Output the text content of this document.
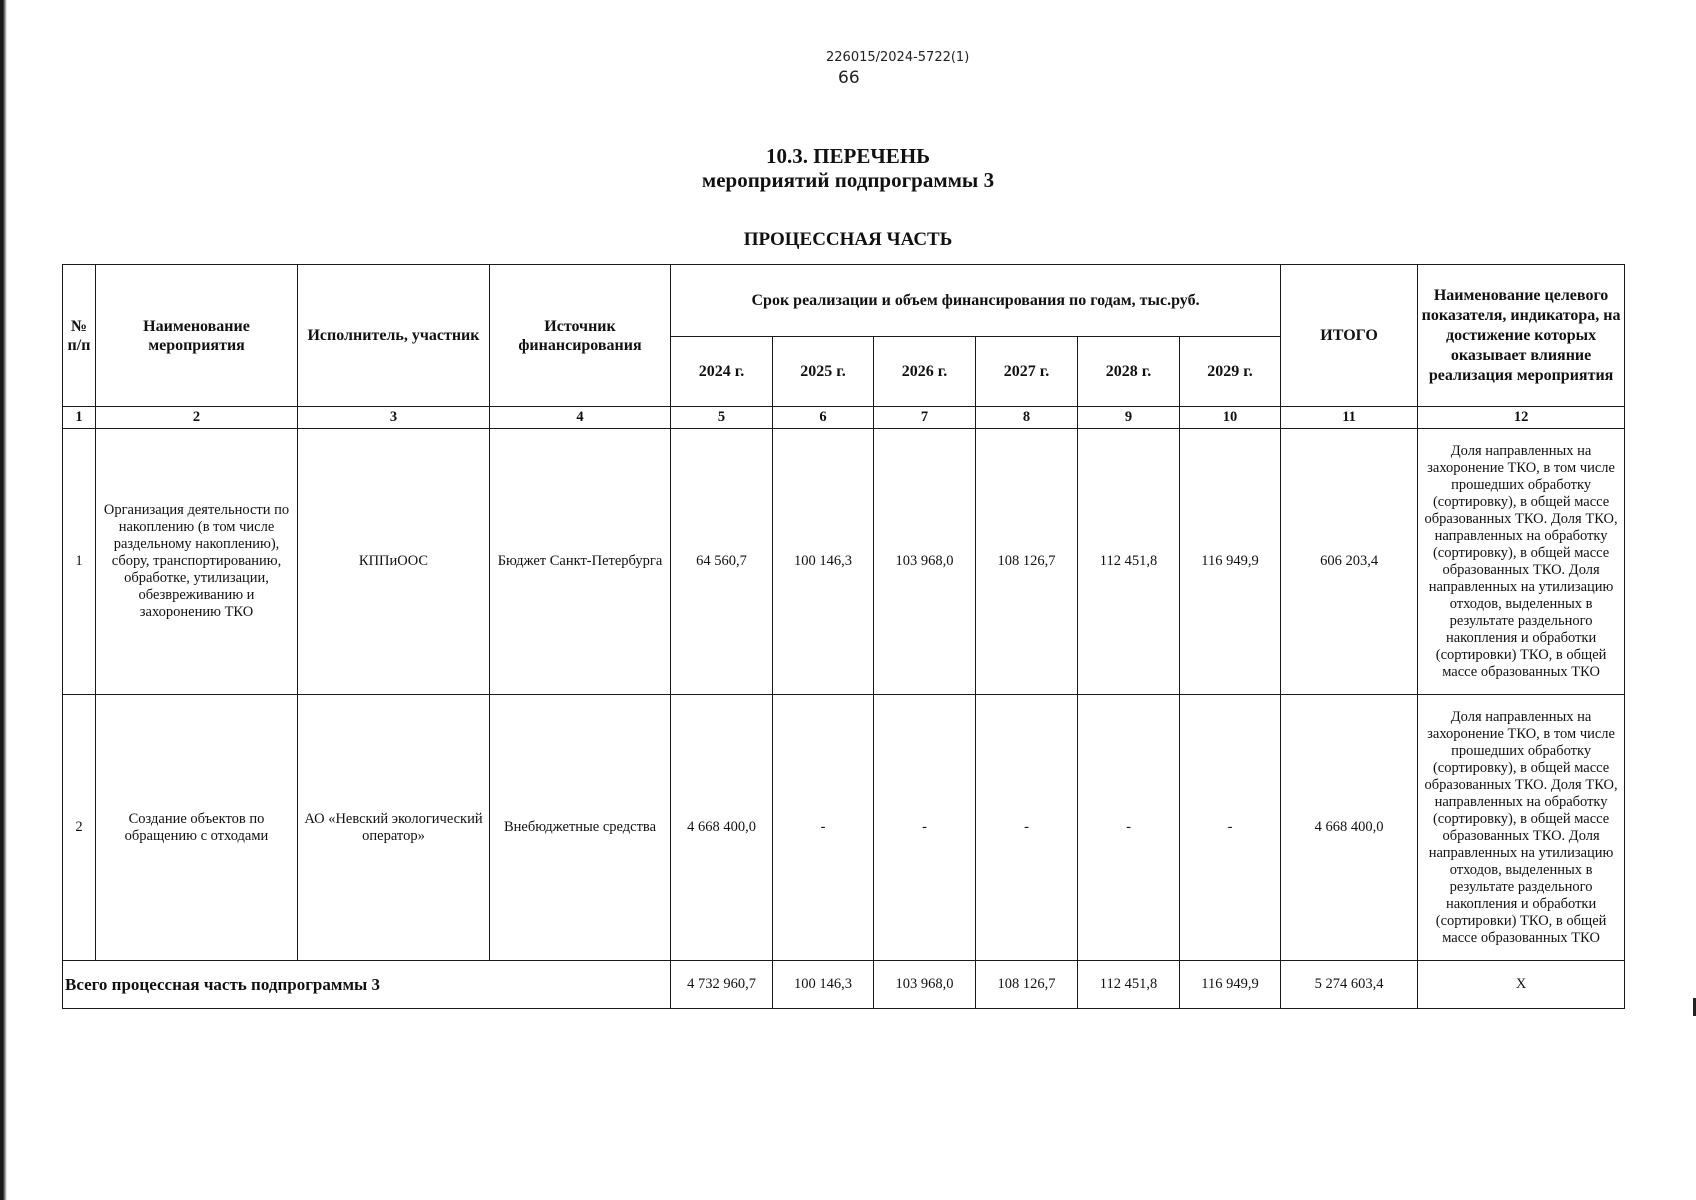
226015/2024-5722(1)
66
10.3. ПЕРЕЧЕНЬ
мероприятий подпрограммы 3
ПРОЦЕССНАЯ ЧАСТЬ
№ п/п	Наименование мероприятия	Исполнитель, участник	Источник финансирования	Срок реализации и объем финансирования по годам, тыс.руб.						ИТОГО	Наименование целевого показателя, индикатора, на достижение которых оказывает влияние реализация мероприятия
				2024 г.	2025 г.	2026 г.	2027 г.	2028 г.	2029 г.		
1	2	3	4	5	6	7	8	9	10	11	12
1	Организация деятельности по накоплению (в том числе раздельному накоплению), сбору, транспортированию, обработке, утилизации, обезвреживанию и захоронению ТКО	КППиООС	Бюджет Санкт-Петербурга	64 560,7	100 146,3	103 968,0	108 126,7	112 451,8	116 949,9	606 203,4	Доля направленных на захоронение ТКО, в том числе прошедших обработку (сортировку), в общей массе образованных ТКО. Доля ТКО, направленных на обработку (сортировку), в общей массе образованных ТКО. Доля направленных на утилизацию отходов, выделенных в результате раздельного накопления и обработки (сортировки) ТКО, в общей массе образованных ТКО
2	Создание объектов по обращению с отходами	АО «Невский экологический оператор»	Внебюджетные средства	4 668 400,0	-	-	-	-	-	4 668 400,0	Доля направленных на захоронение ТКО, в том числе прошедших обработку (сортировку), в общей массе образованных ТКО. Доля ТКО, направленных на обработку (сортировку), в общей массе образованных ТКО. Доля направленных на утилизацию отходов, выделенных в результате раздельного накопления и обработки (сортировки) ТКО, в общей массе образованных ТКО
Всего процессная часть подпрограммы 3				4 732 960,7	100 146,3	103 968,0	108 126,7	112 451,8	116 949,9	5 274 603,4	Х
